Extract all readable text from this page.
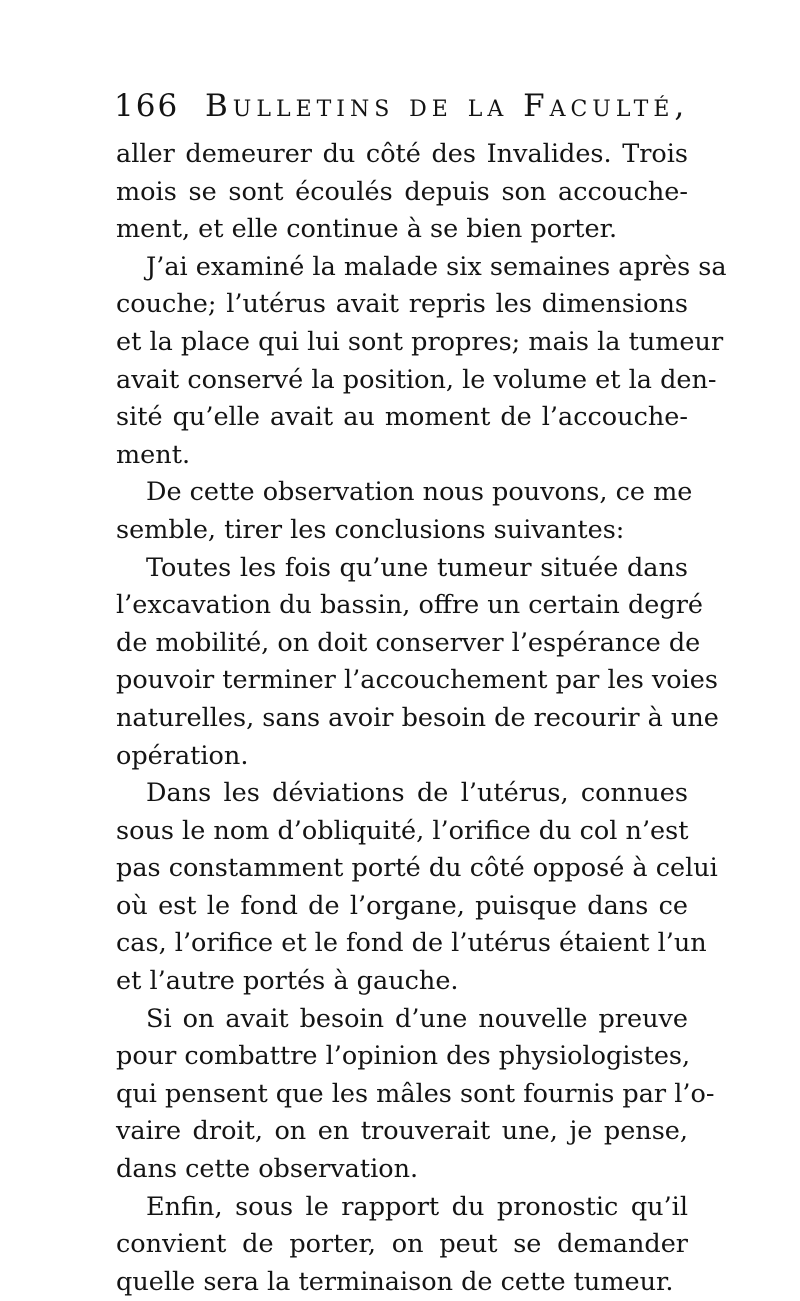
166 Bulletins de la Faculté,
aller demeurer du côté des Invalides. Trois
mois se sont écoulés depuis son accouche-
ment, et elle continue à se bien porter.
J’ai examiné la malade six semaines après sa
couche; l’utérus avait repris les dimensions
et la place qui lui sont propres; mais la tumeur
avait conservé la position, le volume et la den-
sité qu’elle avait au moment de l’accouche-
ment.
De cette observation nous pouvons, ce me
semble, tirer les conclusions suivantes:
Toutes les fois qu’une tumeur située dans
l’excavation du bassin, offre un certain degré
de mobilité, on doit conserver l’espérance de
pouvoir terminer l’accouchement par les voies
naturelles, sans avoir besoin de recourir à une
opération.
Dans les déviations de l’utérus, connues
sous le nom d’obliquité, l’orifice du col n’est
pas constamment porté du côté opposé à celui
où est le fond de l’organe, puisque dans ce
cas, l’orifice et le fond de l’utérus étaient l’un
et l’autre portés à gauche.
Si on avait besoin d’une nouvelle preuve
pour combattre l’opinion des physiologistes,
qui pensent que les mâles sont fournis par l’o-
vaire droit, on en trouverait une, je pense,
dans cette observation.
Enfin, sous le rapport du pronostic qu’il
convient de porter, on peut se demander
quelle sera la terminaison de cette tumeur.
